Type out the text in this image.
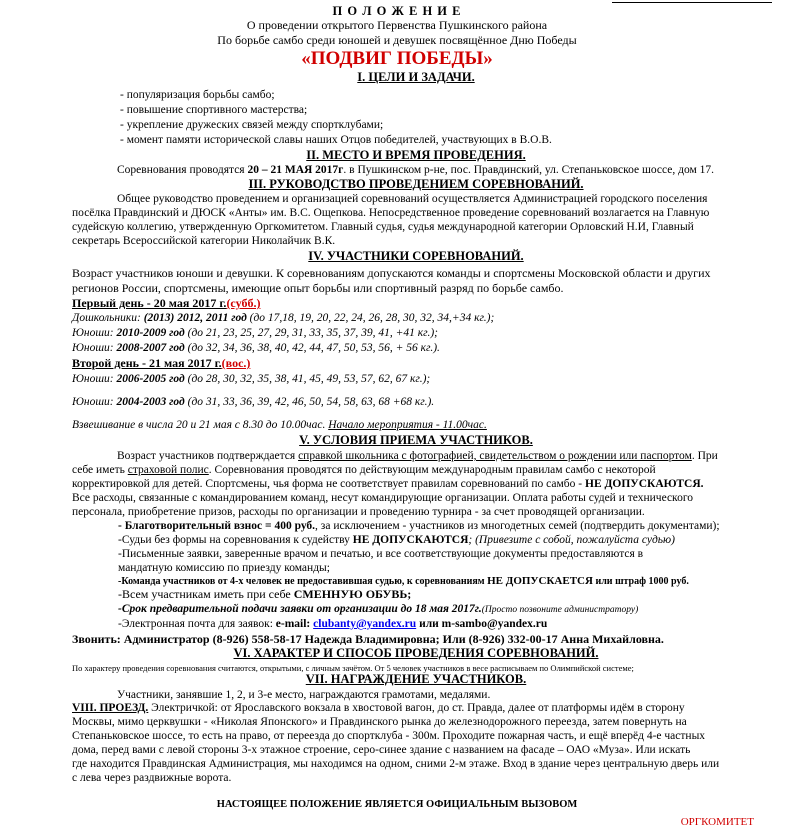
П О Л О Ж Е Н И Е
О проведении открытого Первенства Пушкинского района
По борьбе самбо среди юношей и девушек посвящённое Дню Победы
«ПОДВИГ ПОБЕДЫ»
I. ЦЕЛИ И ЗАДАЧИ.
- популяризация борьбы самбо;
- повышение спортивного мастерства;
- укрепление дружеских связей между спортклубами;
- момент памяти исторической славы наших Отцов победителей, участвующих в В.О.В.
II. МЕСТО И ВРЕМЯ ПРОВЕДЕНИЯ.
Соревнования проводятся 20 – 21 МАЯ 2017г. в Пушкинском р-не, пос. Правдинский, ул. Степаньковское шоссе, дом 17.
III. РУКОВОДСТВО ПРОВЕДЕНИЕМ СОРЕВНОВАНИЙ.
Общее руководство проведением и организацией соревнований осуществляется Администрацией городского поселения
посёлка Правдинский и ДЮСК «Анты» им. В.С. Ощепкова. Непосредственное проведение соревнований возлагается на Главную
судейскую коллегию, утвержденную Оргкомитетом. Главный судья, судья международной категории Орловский Н.И, Главный
секретарь Всероссийской категории Николайчик В.К.
IV. УЧАСТНИКИ СОРЕВНОВАНИЙ.
Возраст участников юноши и девушки. К соревнованиям допускаются команды и спортсмены Московской области и других
регионов России, спортсмены, имеющие опыт борьбы или спортивный разряд по борьбе самбо.
Первый день - 20 мая 2017 г.(субб.)
Дошкольники: (2013) 2012, 2011 год (до 17,18, 19, 20, 22, 24, 26, 28, 30, 32, 34,+34 кг.);
Юноши: 2010-2009 год (до 21, 23, 25, 27, 29, 31, 33, 35, 37, 39, 41, +41 кг.);
Юноши: 2008-2007 год (до 32, 34, 36, 38, 40, 42, 44, 47, 50, 53, 56, + 56 кг.).
Второй день - 21 мая 2017 г.(вос.)
Юноши: 2006-2005 год (до 28, 30, 32, 35, 38, 41, 45, 49, 53, 57, 62, 67 кг.);
Юноши: 2004-2003 год (до 31, 33, 36, 39, 42, 46, 50, 54, 58, 63, 68 +68 кг.).
Взвешивание в числа 20 и 21 мая с 8.30 до 10.00час. Начало мероприятия - 11.00час.
V. УСЛОВИЯ ПРИЕМА УЧАСТНИКОВ.
Возраст участников подтверждается справкой школьника с фотографией, свидетельством о рождении или паспортом. При
себе иметь страховой полис. Соревнования проводятся по действующим международным правилам самбо с некоторой
корректировкой для детей. Спортсмены, чья форма не соответствует правилам соревнований по самбо - НЕ ДОПУСКАЮТСЯ.
Все расходы, связанные с командированием команд, несут командирующие организации. Оплата работы судей и технического
персонала, приобретение призов, расходы по организации и проведению турнира - за счет проводящей организации.
- Благотворительный взнос = 400 руб., за исключением - участников из многодетных семей (подтвердить документами);
-Судьи без формы на соревнования к судейству НЕ ДОПУСКАЮТСЯ; (Привезите с собой, пожалуйста судью)
-Письменные заявки, заверенные врачом и печатью, и все соответствующие документы предоставляются в
мандатную комиссию по приезду команды;
-Команда участников от 4-х человек не предоставившая судью, к соревнованиям НЕ ДОПУСКАЕТСЯ или штраф 1000 руб.
-Всем участникам иметь при себе СМЕННУЮ ОБУВЬ;
-Срок предварительной подачи заявки от организации до 18 мая 2017г.(Просто позвоните администратору)
-Электронная почта для заявок: e-mail: clubanty@yandex.ru или m-sambo@yandex.ru
Звонить: Администратор (8-926) 558-58-17 Надежда Владимировна; Или (8-926) 332-00-17 Анна Михайловна.
VI. ХАРАКТЕР И СПОСОБ ПРОВЕДЕНИЯ СОРЕВНОВАНИЙ.
По характеру проведения соревнования считаются, открытыми, с личным зачётом. От 5 человек участников в весе расписываем по Олимпийской системе;
VII. НАГРАЖДЕНИЕ УЧАСТНИКОВ.
Участники, занявшие 1, 2, и 3-е место, награждаются грамотами, медалями.
VIII. ПРОЕЗД. Электричкой: от Ярославского вокзала в хвостовой вагон, до ст. Правда, далее от платформы идём в сторону
Москвы, мимо церквушки - «Николая Японского» и Правдинского рынка до железнодорожного переезда, затем повернуть на
Степаньковское шоссе, то есть на право, от переезда до спортклуба - 300м. Проходите пожарная часть, и ещё вперёд 4-е частных
дома, перед вами с левой стороны 3-х этажное строение, серо-синее здание с названием на фасаде – ОАО «Муза». Или искать
где находится Правдинская Администрация, мы находимся на одном, сними 2-м этаже. Вход в здание через центральную дверь или
с лева через раздвижные ворота.
НАСТОЯЩЕЕ ПОЛОЖЕНИЕ ЯВЛЯЕТСЯ ОФИЦИАЛЬНЫМ ВЫЗОВОМ
ОРГКОМИТЕТ
